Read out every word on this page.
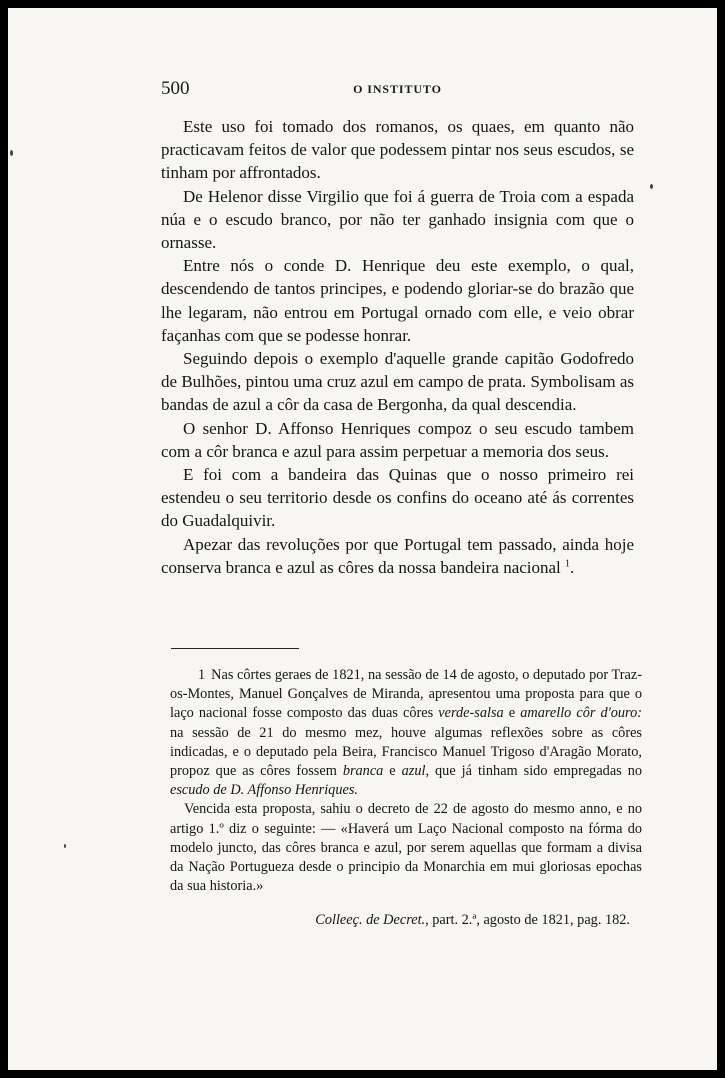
500	O INSTITUTO

Este uso foi tomado dos romanos, os quaes, em quanto não practicavam feitos de valor que podessem pintar nos seus escudos, se tinham por affrontados.

De Helenor disse Virgilio que foi á guerra de Troia com a espada núa e o escudo branco, por não ter ganhado insignia com que o ornasse.

Entre nós o conde D. Henrique deu este exemplo, o qual, descendendo de tantos principes, e podendo gloriar-se do brazão que lhe legaram, não entrou em Portugal ornado com elle, e veio obrar façanhas com que se podesse honrar.

Seguindo depois o exemplo d'aquelle grande capitão Godofredo de Bulhões, pintou uma cruz azul em campo de prata. Symbolisam as bandas de azul a côr da casa de Bergonha, da qual descendia.

O senhor D. Affonso Henriques compoz o seu escudo tambem com a côr branca e azul para assim perpetuar a memoria dos seus.

E foi com a bandeira das Quinas que o nosso primeiro rei estendeu o seu territorio desde os confins do oceano até ás correntes do Guadalquivir.

Apezar das revoluções por que Portugal tem passado, ainda hoje conserva branca e azul as côres da nossa bandeira nacional $^1$.

1 Nas côrtes geraes de 1821, na sessão de 14 de agosto, o deputado por Traz-os-Montes, Manuel Gonçalves de Miranda, apresentou uma proposta para que o laço nacional fosse composto das duas côres verde-salsa e amarello côr d'ouro: na sessão de 21 do mesmo mez, houve algumas reflexões sobre as côres indicadas, e o deputado pela Beira, Francisco Manuel Trigoso d'Aragão Morato, propoz que as côres fossem branca e azul, que já tinham sido empregadas no escudo de D. Affonso Henriques.

Vencida esta proposta, sahiu o decreto de 22 de agosto do mesmo anno, e no artigo 1.º diz o seguinte: — «Haverá um Laço Nacional composto na fórma do modelo juncto, das côres branca e azul, por serem aquellas que formam a divisa da Nação Portugueza desde o principio da Monarchia em mui gloriosas epochas da sua historia.»

Colleeç. de Decret., part. 2.ª, agosto de 1821, pag. 182.
